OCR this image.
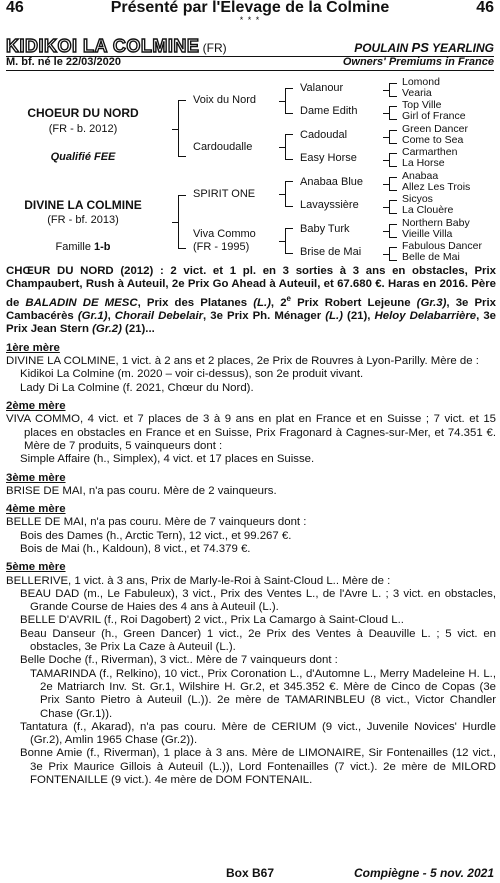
46	Présenté par l'Elevage de la Colmine	46
* * *
KIDIKOI LA COLMINE (FR)	POULAIN PS YEARLING
M. bf. né le 22/03/2020	Owners' Premiums in France
CHOEUR DU NORD
(FR - b. 2012)
Qualifié FEE
DIVINE LA COLMINE
(FR - bf. 2013)
Famille 1-b
Voix du Nord
Cardoudalle
SPIRIT ONE
Viva Commo
(FR - 1995)
Valanour
Dame Edith
Cadoudal
Easy Horse
Anabaa Blue
Lavayssière
Baby Turk
Brise de Mai
Lomond
Vearia
Top Ville
Girl of France
Green Dancer
Come to Sea
Carmarthen
La Horse
Anabaa
Allez Les Trois
Sicyos
La Clouère
Northern Baby
Vieille Villa
Fabulous Dancer
Belle de Mai

CHŒUR DU NORD (2012) : 2 vict. et 1 pl. en 3 sorties à 3 ans en obstacles, Prix Champaubert, Rush à Auteuil, 2e Prix Go Ahead à Auteuil, et 67.680 €. Haras en 2016. Père de BALADIN DE MESC, Prix des Platanes (L.), 2e Prix Robert Lejeune (Gr.3), 3e Prix Cambacérès (Gr.1), Chorail Debelair, 3e Prix Ph. Ménager (L.) (21), Heloy Delabarrière, 3e Prix Jean Stern (Gr.2) (21)...

1ère mère

DIVINE LA COLMINE, 1 vict. à 2 ans et 2 places, 2e Prix de Rouvres à Lyon-Parilly. Mère de :

Kidikoi La Colmine (m. 2020 – voir ci-dessus), son 2e produit vivant.

Lady Di La Colmine (f. 2021, Chœur du Nord).

2ème mère

VIVA COMMO, 4 vict. et 7 places de 3 à 9 ans en plat en France et en Suisse ; 7 vict. et 15 places en obstacles en France et en Suisse, Prix Fragonard à Cagnes-sur-Mer, et 74.351 €. Mère de 7 produits, 5 vainqueurs dont :

Simple Affaire (h., Simplex), 4 vict. et 17 places en Suisse.

3ème mère

BRISE DE MAI, n'a pas couru. Mère de 2 vainqueurs.

4ème mère

BELLE DE MAI, n'a pas couru. Mère de 7 vainqueurs dont :

Bois des Dames (h., Arctic Tern), 12 vict., et 99.267 €.

Bois de Mai (h., Kaldoun), 8 vict., et 74.379 €.

5ème mère

BELLERIVE, 1 vict. à 3 ans, Prix de Marly-le-Roi à Saint-Cloud L.. Mère de :

BEAU DAD (m., Le Fabuleux), 3 vict., Prix des Ventes L., de l'Avre L. ; 3 vict. en obstacles, Grande Course de Haies des 4 ans à Auteuil (L.).

BELLE D'AVRIL (f., Roi Dagobert) 2 vict., Prix La Camargo à Saint-Cloud L..

Beau Danseur (h., Green Dancer) 1 vict., 2e Prix des Ventes à Deauville L. ; 5 vict. en obstacles, 3e Prix La Caze à Auteuil (L.).

Belle Doche (f., Riverman), 3 vict.. Mère de 7 vainqueurs dont :

TAMARINDA (f., Relkino), 10 vict., Prix Coronation L., d'Automne L., Merry Madeleine H. L., 2e Matriarch Inv. St. Gr.1, Wilshire H. Gr.2, et 345.352 €. Mère de Cinco de Copas (3e Prix Santo Pietro à Auteuil (L.)). 2e mère de TAMARINBLEU (8 vict., Victor Chandler Chase (Gr.1)).

Tantatura (f., Akarad), n'a pas couru. Mère de CERIUM (9 vict., Juvenile Novices' Hurdle (Gr.2), Amlin 1965 Chase (Gr.2)).

Bonne Amie (f., Riverman), 1 place à 3 ans. Mère de LIMONAIRE, Sir Fontenailles (12 vict., 3e Prix Maurice Gillois à Auteuil (L.)), Lord Fontenailles (7 vict.). 2e mère de MILORD FONTENAILLE (9 vict.). 4e mère de DOM FONTENAIL.

Box B67	Compiègne - 5 nov. 2021
